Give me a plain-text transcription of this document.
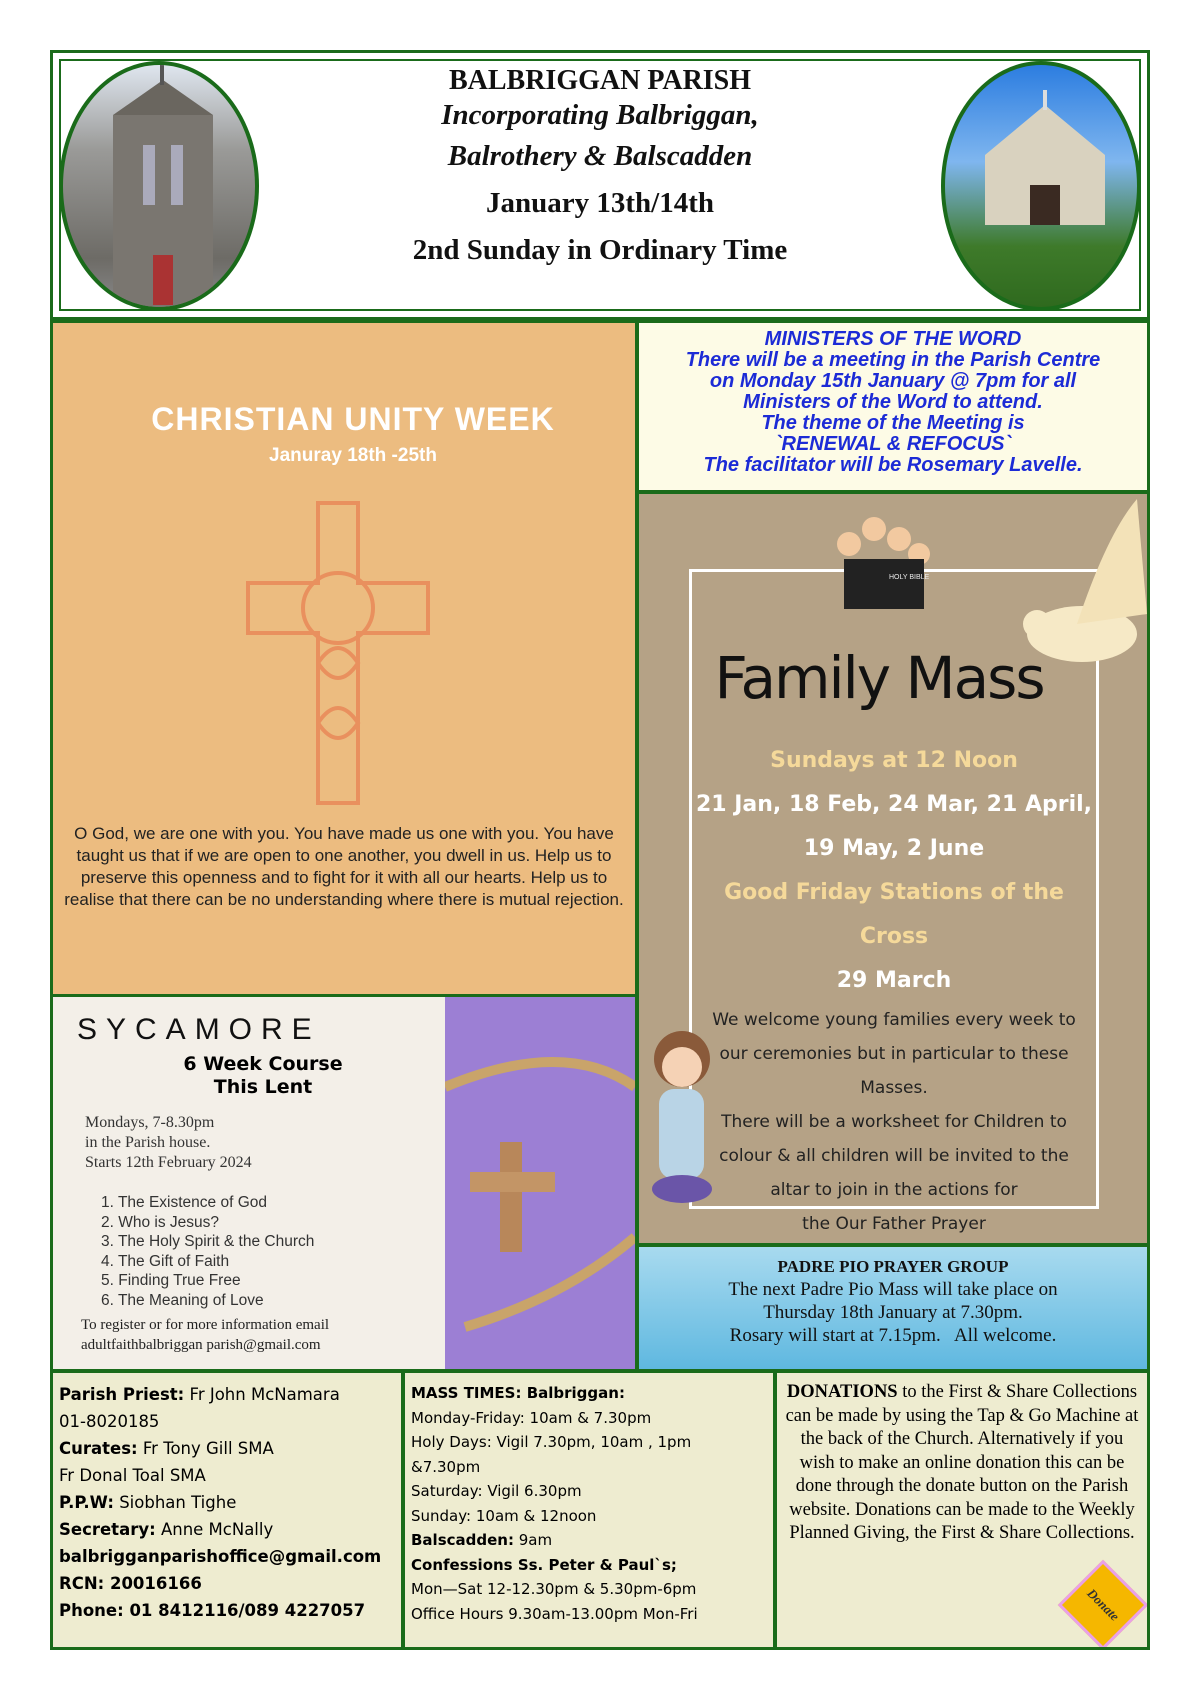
BALBRIGGAN PARISH
Incorporating Balbriggan,
Balrothery & Balscadden
January 13th/14th
2nd Sunday in Ordinary Time
CHRISTIAN UNITY WEEK
Januray 18th -25th
O God, we are one with you. You have made us one with you. You have taught us that if we are open to one another, you dwell in us. Help us to preserve this openness and to fight for it with all our hearts. Help us to realise that there can be no understanding where there is mutual rejection.
SYCAMORE
6 Week Course
This Lent
Mondays, 7-8.30pm
in the Parish house.
Starts 12th February 2024
1. The Existence of God
2. Who is Jesus?
3. The Holy Spirit & the Church
4. The Gift of Faith
5. Finding True Free
6. The Meaning of Love
To register or for more information email
adultfaithbalbriggan parish@gmail.com
MINISTERS OF THE WORD
There will be a meeting in the Parish Centre
on Monday 15th January @ 7pm for all
Ministers of the Word to attend.
The theme of the Meeting is
`RENEWAL & REFOCUS`
The facilitator will be Rosemary Lavelle.
HOLY BIBLE
Family Mass
Sundays at 12 Noon
21 Jan, 18 Feb, 24 Mar, 21 April,
19 May, 2 June
Good Friday Stations of the Cross
29 March
We welcome young families every week to
our ceremonies but in particular to these
Masses.
There will be a worksheet for Children to
colour & all children will be invited to the
altar to join in the actions for
the Our Father Prayer
PADRE PIO PRAYER GROUP
The next Padre Pio Mass will take place on
Thursday 18th January at 7.30pm.
Rosary will start at 7.15pm.   All welcome.
Parish Priest: Fr John McNamara
01-8020185
Curates: Fr Tony Gill SMA
Fr Donal Toal SMA
P.P.W: Siobhan Tighe
Secretary: Anne McNally
balbrigganparishoffice@gmail.com
RCN: 20016166
Phone: 01 8412116/089 4227057
MASS TIMES: Balbriggan:
Monday-Friday: 10am & 7.30pm
Holy Days: Vigil 7.30pm, 10am , 1pm
&7.30pm
Saturday: Vigil 6.30pm
Sunday: 10am & 12noon
Balscadden: 9am
Confessions Ss. Peter & Paul`s;
Mon—Sat 12-12.30pm & 5.30pm-6pm
Office Hours 9.30am-13.00pm Mon-Fri
DONATIONS to the First & Share Collections can be made by using the Tap & Go Machine at the back of the Church. Alternatively if you wish to make an online donation this can be done through the donate button on the Parish website. Donations can be made to the Weekly Planned Giving, the First & Share Collections.
Donate
